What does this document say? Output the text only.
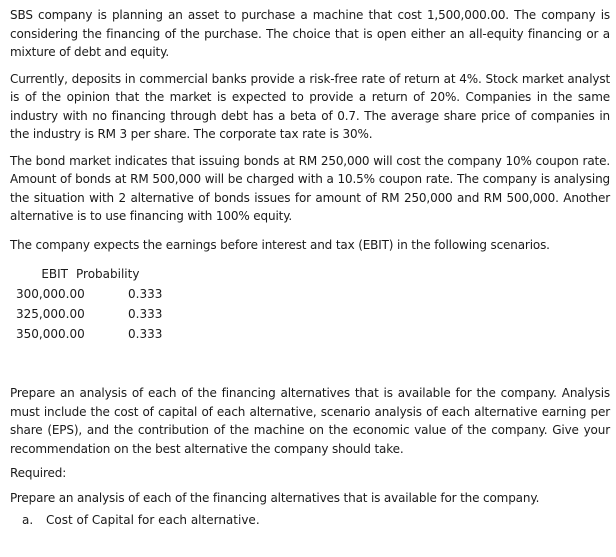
SBS company is planning an asset to purchase a machine that cost 1,500,000.00. The company is considering the financing of the purchase. The choice that is open either an all-equity financing or a mixture of debt and equity.

Currently, deposits in commercial banks provide a risk-free rate of return at 4%. Stock market analyst is of the opinion that the market is expected to provide a return of 20%. Companies in the same industry with no financing through debt has a beta of 0.7. The average share price of companies in the industry is RM 3 per share. The corporate tax rate is 30%.

The bond market indicates that issuing bonds at RM 250,000 will cost the company 10% coupon rate. Amount of bonds at RM 500,000 will be charged with a 10.5% coupon rate. The company is analysing the situation with 2 alternative of bonds issues for amount of RM 250,000 and RM 500,000. Another alternative is to use financing with 100% equity.

The company expects the earnings before interest and tax (EBIT) in the following scenarios.

EBIT Probability
300,000.00	0.333
325,000.00	0.333
350,000.00	0.333

Prepare an analysis of each of the financing alternatives that is available for the company. Analysis must include the cost of capital of each alternative, scenario analysis of each alternative earning per share (EPS), and the contribution of the machine on the economic value of the company. Give your recommendation on the best alternative the company should take.

Required:

Prepare an analysis of each of the financing alternatives that is available for the company.

a.	Cost of Capital for each alternative.
